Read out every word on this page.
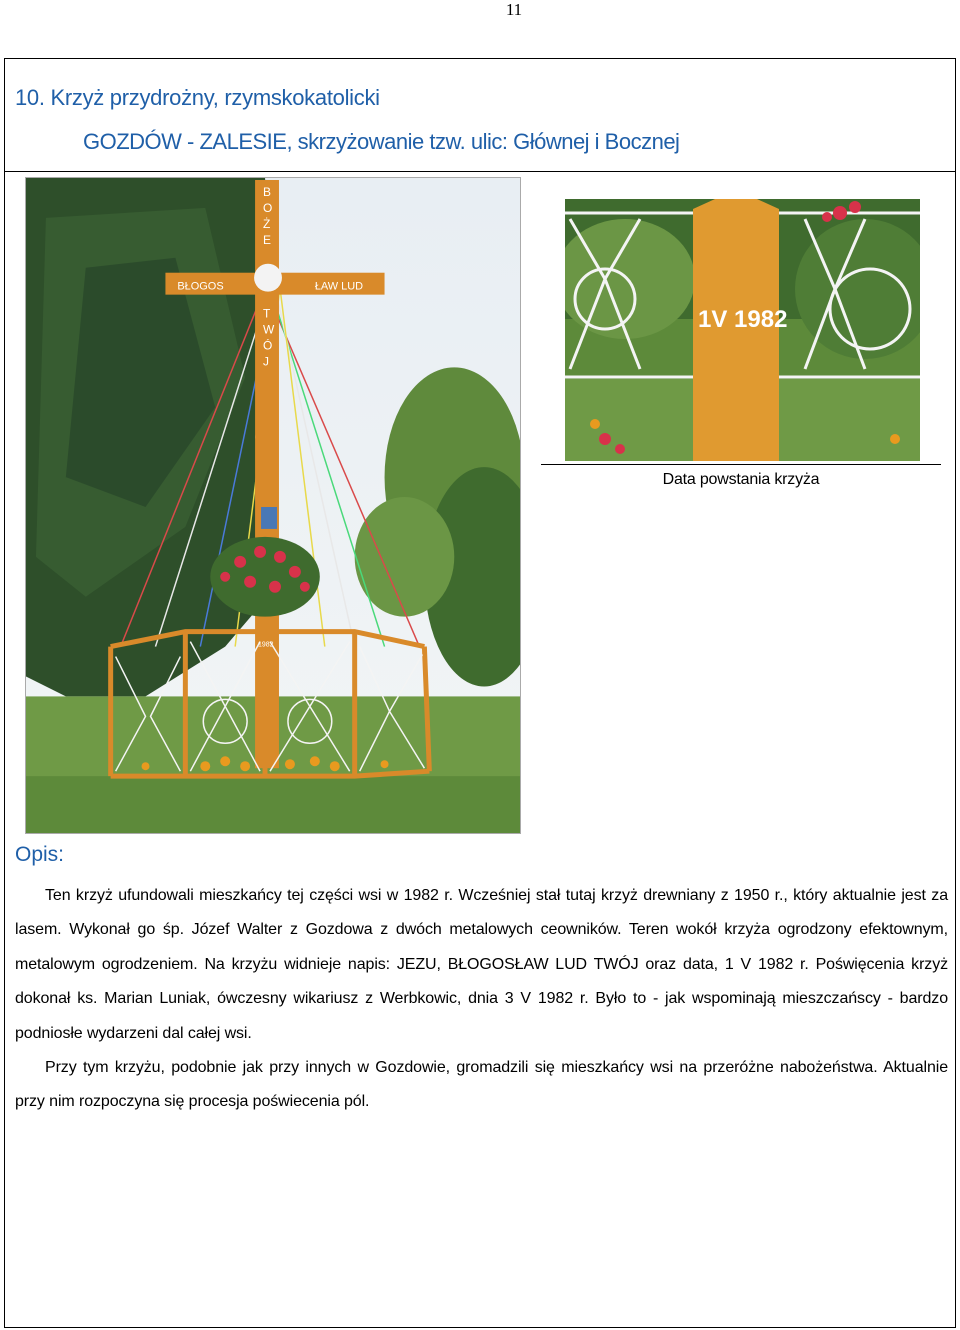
11
10. Krzyż przydrożny, rzymskokatolicki
GOZDÓW - ZALESIE, skrzyżowanie tzw. ulic: Głównej i Bocznej
BŁOGOS	ŁAW LUD
1982
B
O
Ż
E
T
W
Ó
J
1V 1982
Data powstania krzyża
Opis:

Ten krzyż ufundowali mieszkańcy tej części wsi w 1982 r. Wcześniej stał tutaj krzyż drewniany z 1950 r., który aktualnie jest za lasem. Wykonał go śp. Józef Walter z Gozdowa z dwóch metalowych ceowników. Teren wokół krzyża ogrodzony efektownym, metalowym ogrodzeniem. Na krzyżu widnieje napis: JEZU, BŁOGOSŁAW LUD TWÓJ oraz data, 1 V 1982 r. Poświęcenia krzyż dokonał ks. Marian Luniak, ówczesny wikariusz z Werbkowic, dnia 3 V 1982 r. Było to - jak wspominają mieszczańscy - bardzo podniosłe wydarzeni dal całej wsi.

Przy tym krzyżu, podobnie jak przy innych w Gozdowie, gromadzili się mieszkańcy wsi na przeróżne nabożeństwa. Aktualnie przy nim rozpoczyna się procesja poświecenia pól.
